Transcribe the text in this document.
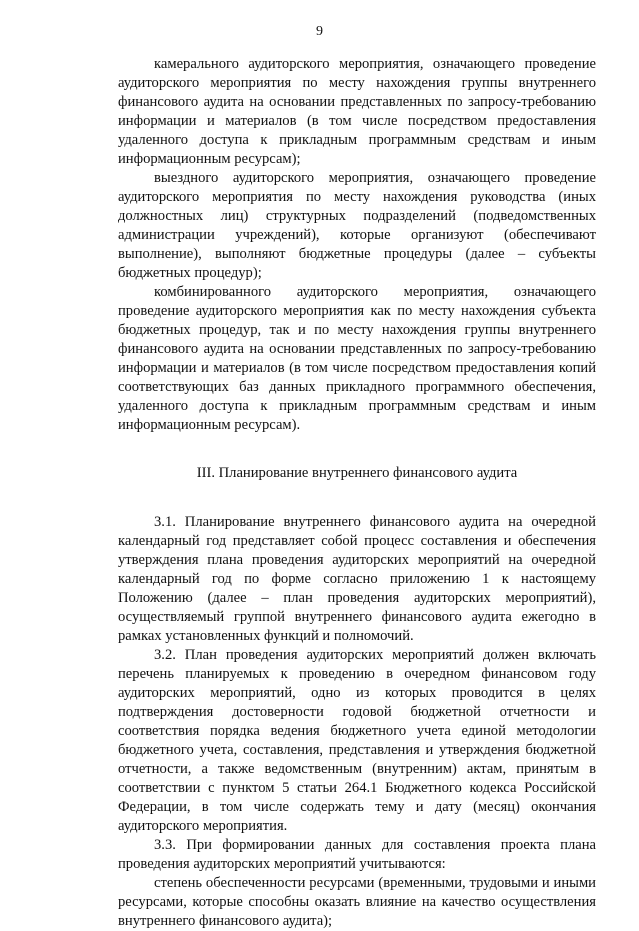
9

камерального аудиторского мероприятия, означающего проведение аудиторского мероприятия по месту нахождения группы внутреннего финансового аудита на основании представленных по запросу-требованию информации и материалов (в том числе посредством предоставления удаленного доступа к прикладным программным средствам и иным информационным ресурсам);

выездного аудиторского мероприятия, означающего проведение аудиторского мероприятия по месту нахождения руководства (иных должностных лиц) структурных подразделений (подведомственных администрации учреждений), которые организуют (обеспечивают выполнение), выполняют бюджетные процедуры (далее – субъекты бюджетных процедур);

комбинированного аудиторского мероприятия, означающего проведение аудиторского мероприятия как по месту нахождения субъекта бюджетных процедур, так и по месту нахождения группы внутреннего финансового аудита на основании представленных по запросу-требованию информации и материалов (в том числе посредством предоставления копий соответствующих баз данных прикладного программного обеспечения, удаленного доступа к прикладным программным средствам и иным информационным ресурсам).

III. Планирование внутреннего финансового аудита

3.1. Планирование внутреннего финансового аудита на очередной календарный год представляет собой процесс составления и обеспечения утверждения плана проведения аудиторских мероприятий на очередной календарный год по форме согласно приложению 1 к настоящему Положению (далее – план проведения аудиторских мероприятий), осуществляемый группой внутреннего финансового аудита ежегодно в рамках установленных функций и полномочий.

3.2. План проведения аудиторских мероприятий должен включать перечень планируемых к проведению в очередном финансовом году аудиторских мероприятий, одно из которых проводится в целях подтверждения достоверности годовой бюджетной отчетности и соответствия порядка ведения бюджетного учета единой методологии бюджетного учета, составления, представления и утверждения бюджетной отчетности, а также ведомственным (внутренним) актам, принятым в соответствии с пунктом 5 статьи 264.1 Бюджетного кодекса Российской Федерации, в том числе содержать тему и дату (месяц) окончания аудиторского мероприятия.

3.3. При формировании данных для составления проекта плана проведения аудиторских мероприятий учитываются:

степень обеспеченности ресурсами (временными, трудовыми и иными ресурсами, которые способны оказать влияние на качество осуществления внутреннего финансового аудита);
